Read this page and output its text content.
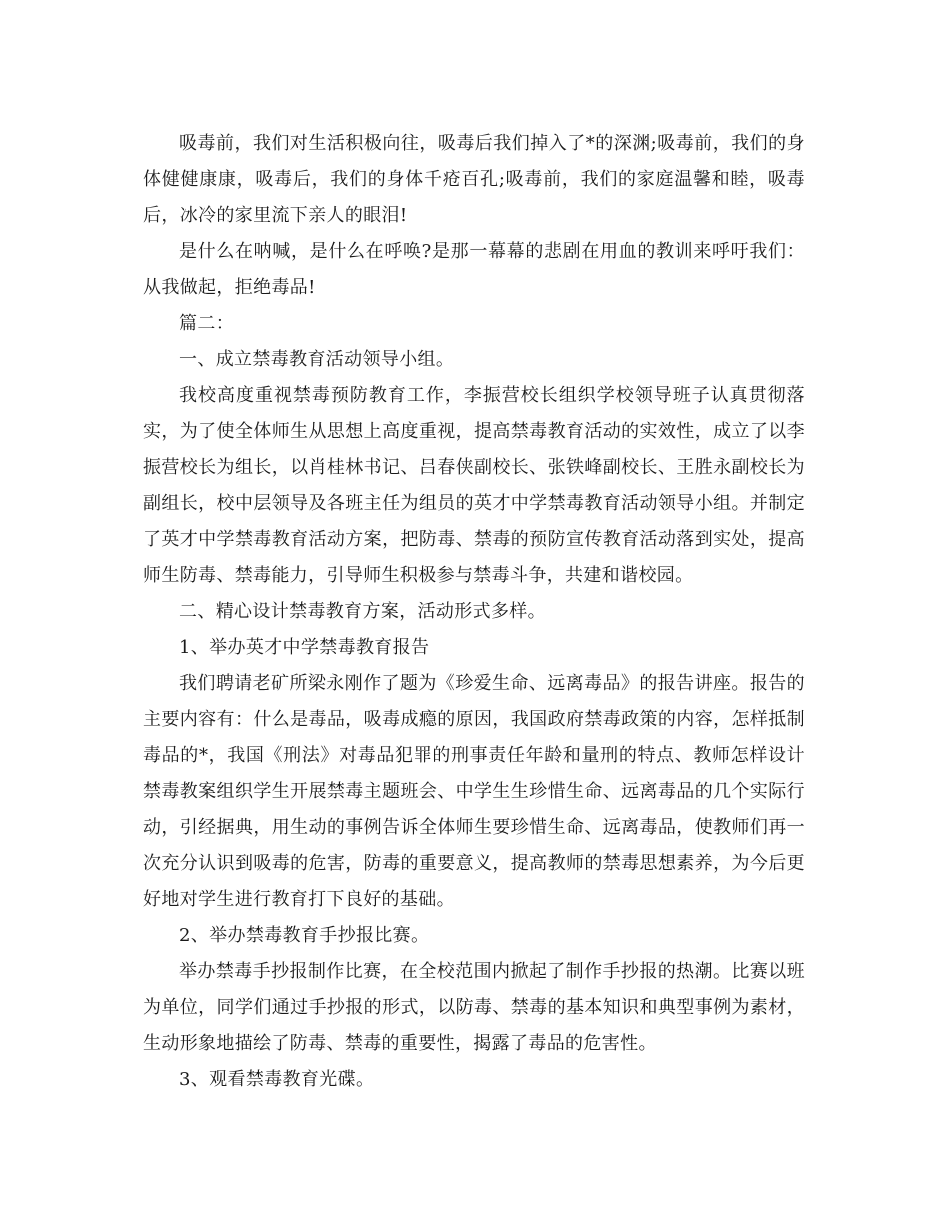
吸毒前，我们对生活积极向往，吸毒后我们掉入了*的深渊;吸毒前，我们的身体健健康康，吸毒后，我们的身体千疮百孔;吸毒前，我们的家庭温馨和睦，吸毒后，冰冷的家里流下亲人的眼泪!

是什么在呐喊，是什么在呼唤?是那一幕幕的悲剧在用血的教训来呼吁我们：从我做起，拒绝毒品!

篇二：

一、成立禁毒教育活动领导小组。

我校高度重视禁毒预防教育工作，李振营校长组织学校领导班子认真贯彻落实，为了使全体师生从思想上高度重视，提高禁毒教育活动的实效性，成立了以李振营校长为组长，以肖桂林书记、吕春侠副校长、张铁峰副校长、王胜永副校长为副组长，校中层领导及各班主任为组员的英才中学禁毒教育活动领导小组。并制定了英才中学禁毒教育活动方案，把防毒、禁毒的预防宣传教育活动落到实处，提高师生防毒、禁毒能力，引导师生积极参与禁毒斗争，共建和谐校园。

二、精心设计禁毒教育方案，活动形式多样。

1、举办英才中学禁毒教育报告

我们聘请老矿所梁永刚作了题为《珍爱生命、远离毒品》的报告讲座。报告的主要内容有：什么是毒品，吸毒成瘾的原因，我国政府禁毒政策的内容，怎样抵制毒品的*，我国《刑法》对毒品犯罪的刑事责任年龄和量刑的特点、教师怎样设计禁毒教案组织学生开展禁毒主题班会、中学生生珍惜生命、远离毒品的几个实际行动，引经据典，用生动的事例告诉全体师生要珍惜生命、远离毒品，使教师们再一次充分认识到吸毒的危害，防毒的重要意义，提高教师的禁毒思想素养，为今后更好地对学生进行教育打下良好的基础。

2、举办禁毒教育手抄报比赛。

举办禁毒手抄报制作比赛，在全校范围内掀起了制作手抄报的热潮。比赛以班为单位，同学们通过手抄报的形式，以防毒、禁毒的基本知识和典型事例为素材，生动形象地描绘了防毒、禁毒的重要性，揭露了毒品的危害性。

3、观看禁毒教育光碟。
